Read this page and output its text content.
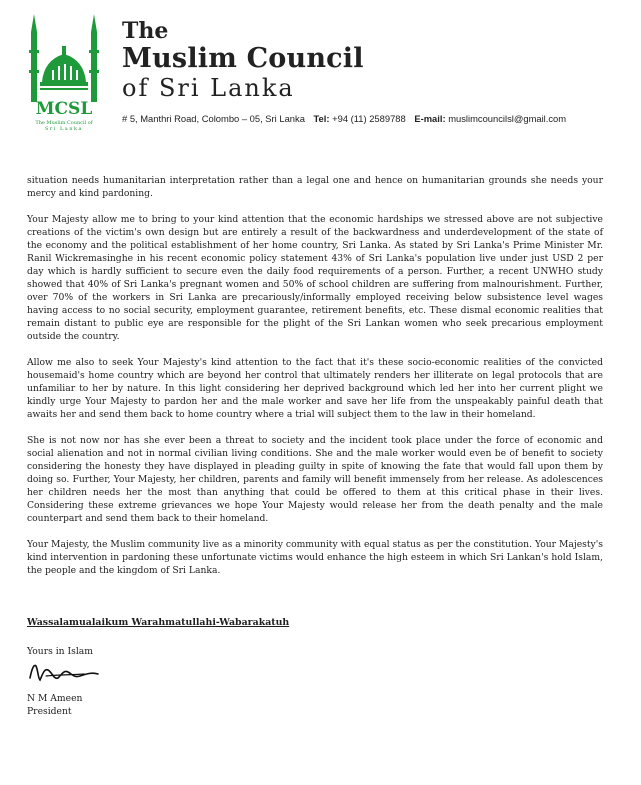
MCSL
The Muslim Council of
Sri Lanka
The
Muslim Council
of Sri Lanka
# 5, Manthri Road, Colombo – 05, Sri Lanka Tel: +94 (11) 2589788 E-mail: muslimcouncilsl@gmail.com

situation needs humanitarian interpretation rather than a legal one and hence on humanitarian grounds she needs your mercy and kind pardoning.

Your Majesty allow me to bring to your kind attention that the economic hardships we stressed above are not subjective creations of the victim's own design but are entirely a result of the backwardness and underdevelopment of the state of the economy and the political establishment of her home country, Sri Lanka. As stated by Sri Lanka's Prime Minister Mr. Ranil Wickremasinghe in his recent economic policy statement 43% of Sri Lanka's population live under just USD 2 per day which is hardly sufficient to secure even the daily food requirements of a person. Further, a recent UNWHO study showed that 40% of Sri Lanka's pregnant women and 50% of school children are suffering from malnourishment. Further, over 70% of the workers in Sri Lanka are precariously/informally employed receiving below subsistence level wages having access to no social security, employment guarantee, retirement benefits, etc. These dismal economic realities that remain distant to public eye are responsible for the plight of the Sri Lankan women who seek precarious employment outside the country.

Allow me also to seek Your Majesty's kind attention to the fact that it's these socio-economic realities of the convicted housemaid's home country which are beyond her control that ultimately renders her illiterate on legal protocols that are unfamiliar to her by nature. In this light considering her deprived background which led her into her current plight we kindly urge Your Majesty to pardon her and the male worker and save her life from the unspeakably painful death that awaits her and send them back to home country where a trial will subject them to the law in their homeland.

She is not now nor has she ever been a threat to society and the incident took place under the force of economic and social alienation and not in normal civilian living conditions. She and the male worker would even be of benefit to society considering the honesty they have displayed in pleading guilty in spite of knowing the fate that would fall upon them by doing so. Further, Your Majesty, her children, parents and family will benefit immensely from her release. As adolescences her children needs her the most than anything that could be offered to them at this critical phase in their lives. Considering these extreme grievances we hope Your Majesty would release her from the death penalty and the male counterpart and send them back to their homeland.

Your Majesty, the Muslim community live as a minority community with equal status as per the constitution. Your Majesty's kind intervention in pardoning these unfortunate victims would enhance the high esteem in which Sri Lankan's hold Islam, the people and the kingdom of Sri Lanka.

Wassalamualaikum Warahmatullahi-Wabarakatuh
Yours in Islam
N M Ameen
President
